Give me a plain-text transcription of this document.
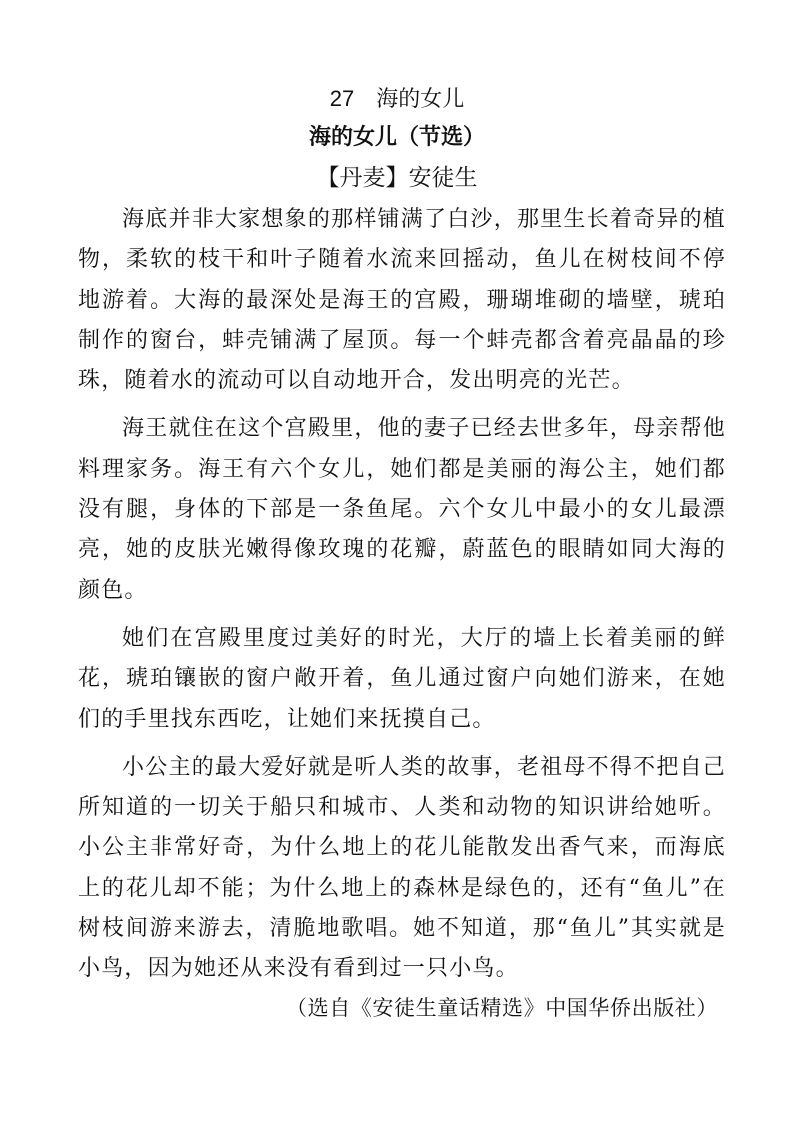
27 海的女儿
海的女儿（节选）
【丹麦】安徒生

海底并非大家想象的那样铺满了白沙，那里生长着奇异的植物，柔软的枝干和叶子随着水流来回摇动，鱼儿在树枝间不停地游着。大海的最深处是海王的宫殿，珊瑚堆砌的墙壁，琥珀制作的窗台，蚌壳铺满了屋顶。每一个蚌壳都含着亮晶晶的珍珠，随着水的流动可以自动地开合，发出明亮的光芒。

海王就住在这个宫殿里，他的妻子已经去世多年，母亲帮他料理家务。海王有六个女儿，她们都是美丽的海公主，她们都没有腿，身体的下部是一条鱼尾。六个女儿中最小的女儿最漂亮，她的皮肤光嫩得像玫瑰的花瓣，蔚蓝色的眼睛如同大海的颜色。

她们在宫殿里度过美好的时光，大厅的墙上长着美丽的鲜花，琥珀镶嵌的窗户敞开着，鱼儿通过窗户向她们游来，在她们的手里找东西吃，让她们来抚摸自己。

小公主的最大爱好就是听人类的故事，老祖母不得不把自己所知道的一切关于船只和城市、人类和动物的知识讲给她听。小公主非常好奇，为什么地上的花儿能散发出香气来，而海底上的花儿却不能；为什么地上的森林是绿色的，还有“鱼儿”在树枝间游来游去，清脆地歌唱。她不知道，那“鱼儿”其实就是小鸟，因为她还从来没有看到过一只小鸟。

（选自《安徒生童话精选》中国华侨出版社）
